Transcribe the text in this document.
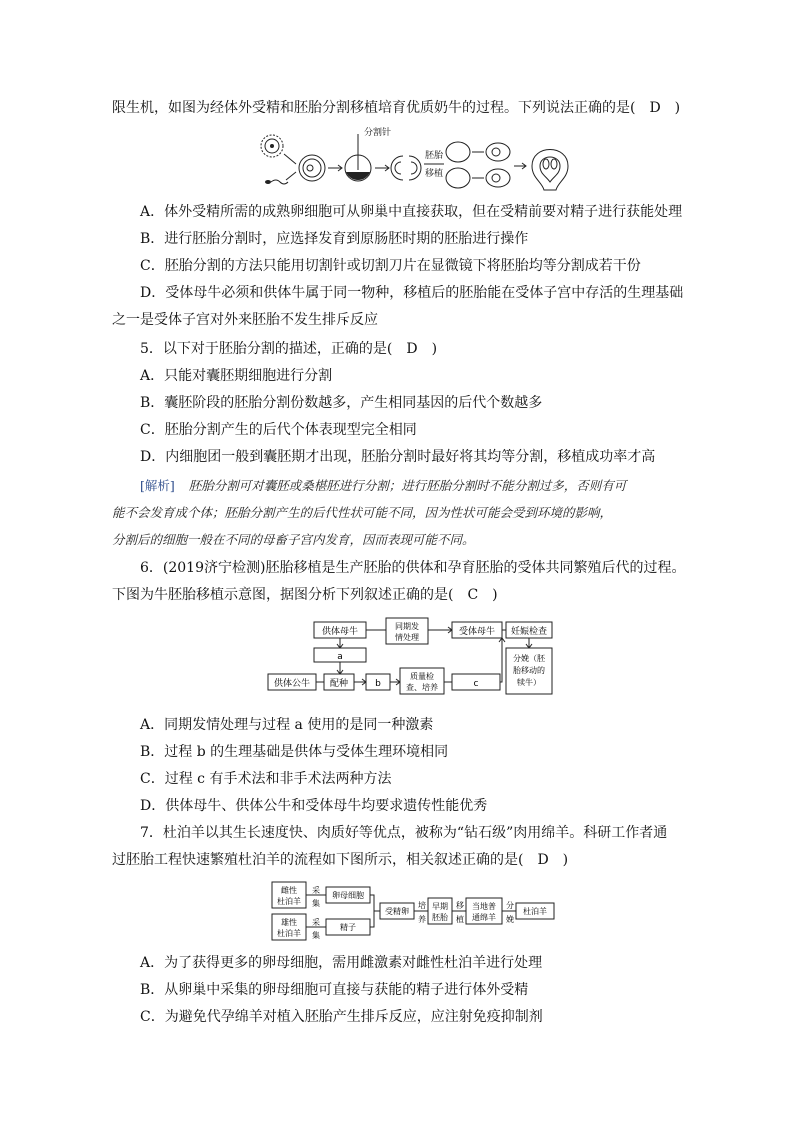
限生机，如图为经体外受精和胚胎分割移植培育优质奶牛的过程。下列说法正确的是(　D　)
分割针
胚胎
移植
A．体外受精所需的成熟卵细胞可从卵巢中直接获取，但在受精前要对精子进行获能处理
B．进行胚胎分割时，应选择发育到原肠胚时期的胚胎进行操作
C．胚胎分割的方法只能用切割针或切割刀片在显微镜下将胚胎均等分割成若干份
D．受体母牛必须和供体牛属于同一物种，移植后的胚胎能在受体子宫中存活的生理基础
之一是受体子宫对外来胚胎不发生排斥反应
5．以下对于胚胎分割的描述，正确的是(　D　)
A．只能对囊胚期细胞进行分割
B．囊胚阶段的胚胎分割份数越多，产生相同基因的后代个数越多
C．胚胎分割产生的后代个体表现型完全相同
D．内细胞团一般到囊胚期才出现，胚胎分割时最好将其均等分割，移植成功率才高
[解析] 胚胎分割可对囊胚或桑椹胚进行分割；进行胚胎分割时不能分割过多，否则有可
能不会发育成个体；胚胎分割产生的后代性状可能不同，因为性状可能会受到环境的影响，
分割后的细胞一般在不同的母畜子宫内发育，因而表现可能不同。
6．(2019济宁检测)胚胎移植是生产胚胎的供体和孕育胚胎的受体共同繁殖后代的过程。
下图为牛胚胎移植示意图，据图分析下列叙述正确的是(　C　)
供体母牛
同期发
情处理
受体母牛 妊娠检查
a
供体公牛 配种	b
质量检
查、培养	c
分娩（胚
胎移动的
犊牛）
A．同期发情处理与过程 a 使用的是同一种激素
B．过程 b 的生理基础是供体与受体生理环境相同
C．过程 c 有手术法和非手术法两种方法
D．供体母牛、供体公牛和受体母牛均要求遗传性能优秀
7．杜泊羊以其生长速度快、肉质好等优点，被称为“钻石级”肉用绵羊。科研工作者通
过胚胎工程快速繁殖杜泊羊的流程如下图所示，相关叙述正确的是(　D　)
雌性
杜泊羊
采
集
卵母细胞
雄性
杜泊羊
采
集
精子
受精卵
培
养
早期
胚胎
移
植
当地普
通绵羊
分
娩
杜泊羊
A．为了获得更多的卵母细胞，需用雌激素对雌性杜泊羊进行处理
B．从卵巢中采集的卵母细胞可直接与获能的精子进行体外受精
C．为避免代孕绵羊对植入胚胎产生排斥反应，应注射免疫抑制剂
